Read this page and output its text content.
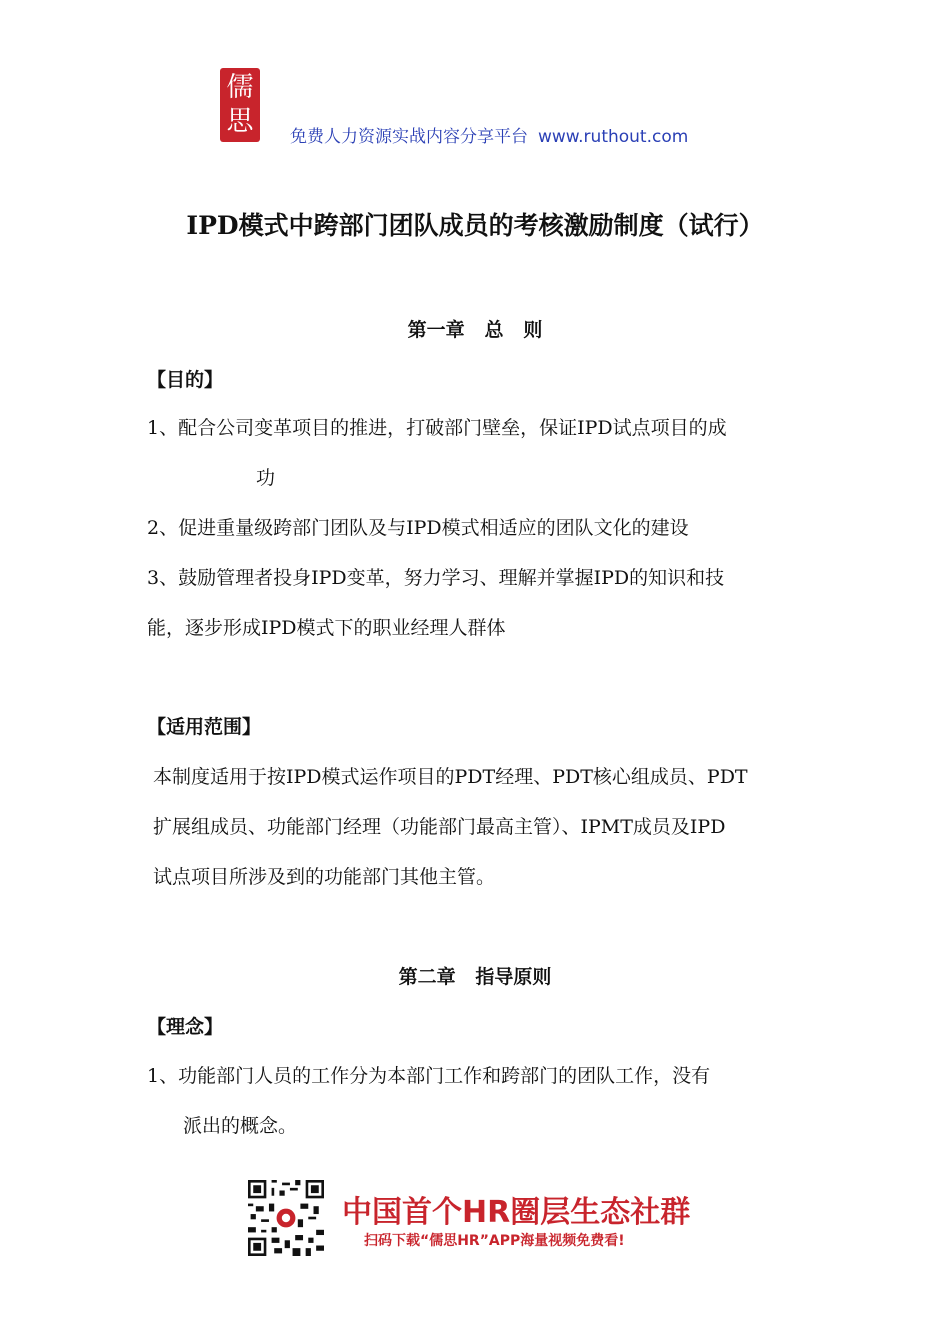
儒
思 免费人力资源实战内容分享平台 www.ruthout.com
IPD模式中跨部门团队成员的考核激励制度（试行）
第一章   总   则
【目的】
1、配合公司变革项目的推进，打破部门壁垒，保证IPD试点项目的成
功
2、促进重量级跨部门团队及与IPD模式相适应的团队文化的建设
3、鼓励管理者投身IPD变革，努力学习、理解并掌握IPD的知识和技
能，逐步形成IPD模式下的职业经理人群体
【适用范围】
本制度适用于按IPD模式运作项目的PDT经理、PDT核心组成员、PDT
扩展组成员、功能部门经理（功能部门最高主管）、IPMT成员及IPD
试点项目所涉及到的功能部门其他主管。
第二章   指导原则
【理念】
1、功能部门人员的工作分为本部门工作和跨部门的团队工作，没有
派出的概念。
中国首个HR圈层生态社群
扫码下载“儒思HR”APP海量视频免费看!
